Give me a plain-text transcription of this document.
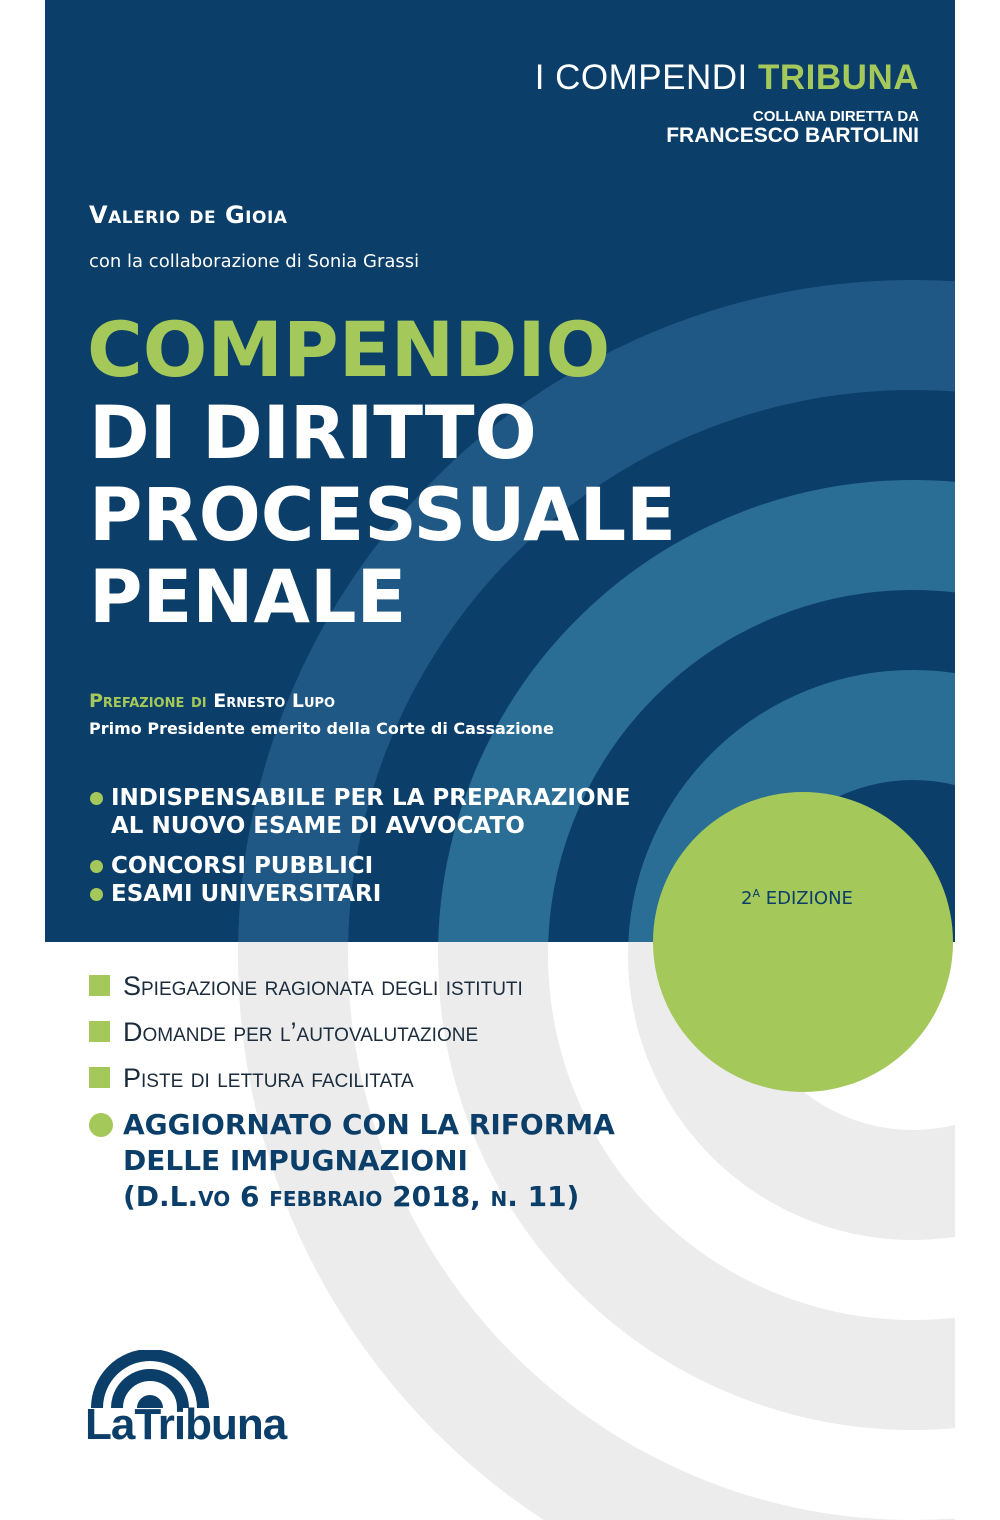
I COMPENDI TRIBUNA
COLLANA DIRETTA DA
FRANCESCO BARTOLINI
Valerio de Gioia
con la collaborazione di Sonia Grassi
COMPENDIO
DI DIRITTO
PROCESSUALE
PENALE
Prefazione di Ernesto Lupo
Primo Presidente emerito della Corte di Cassazione
INDISPENSABILE PER LA PREPARAZIONE
AL NUOVO ESAME DI AVVOCATO
CONCORSI PUBBLICI
ESAMI UNIVERSITARI	$2^A$ EDIZIONE
Spiegazione ragionata degli istituti
Domande per l’autovalutazione
Piste di lettura facilitata
AGGIORNATO CON LA RIFORMA
DELLE IMPUGNAZIONI
(D.L.vo 6 febbraio 2018, n. 11)
LaTribuna
